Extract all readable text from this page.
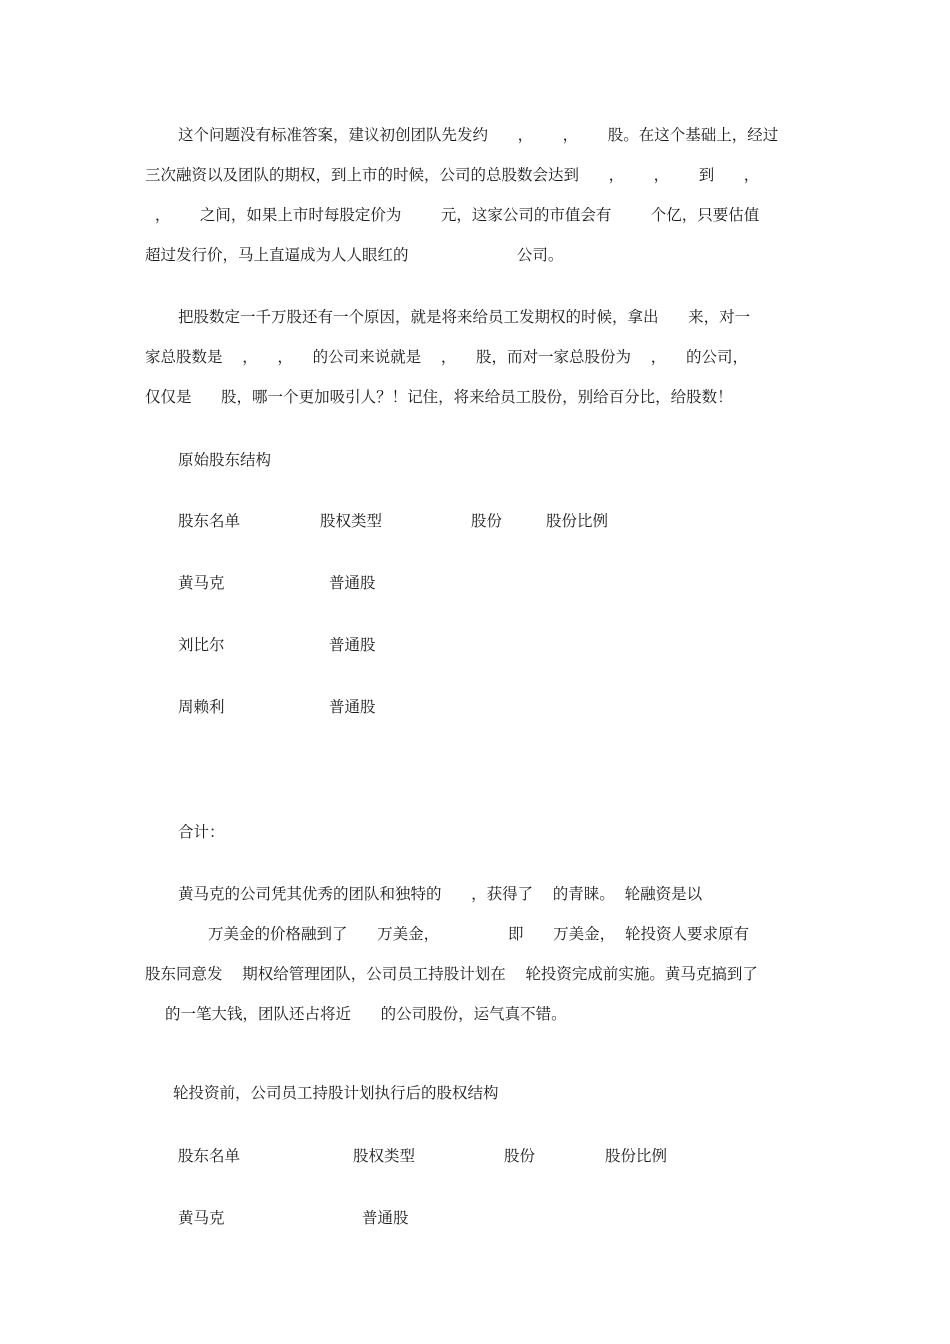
这个问题没有标准答案，建议初创团队先发约      ，      ，      股。在这个基础上，经过
三次融资以及团队的期权，到上市的时候，公司的总股数会达到      ，      ，      到      ，
，      之间，如果上市时每股定价为        元，这家公司的市值会有        个亿，只要估值
超过发行价，马上直逼成为人人眼红的                      公司。
把股数定一千万股还有一个原因，就是将来给员工发期权的时候，拿出      来，对一
家总股数是    ，    ，    的公司来说就是    ，    股，而对一家总股份为    ，    的公司，
仅仅是      股，哪一个更加吸引人？！记住，将来给员工股份，别给百分比，给股数！
原始股东结构
股东名单	股权类型	股份	股份比例
黄马克	普通股
刘比尔	普通股
周赖利	普通股
合计：
黄马克的公司凭其优秀的团队和独特的      ，获得了    的青睐。  轮融资是以
万美金的价格融到了      万美金，              即      万美金，  轮投资人要求原有
股东同意发    期权给管理团队，公司员工持股计划在    轮投资完成前实施。黄马克搞到了
的一笔大钱，团队还占将近      的公司股份，运气真不错。
轮投资前，公司员工持股计划执行后的股权结构
股东名单	股权类型	股份	股份比例
黄马克	普通股
